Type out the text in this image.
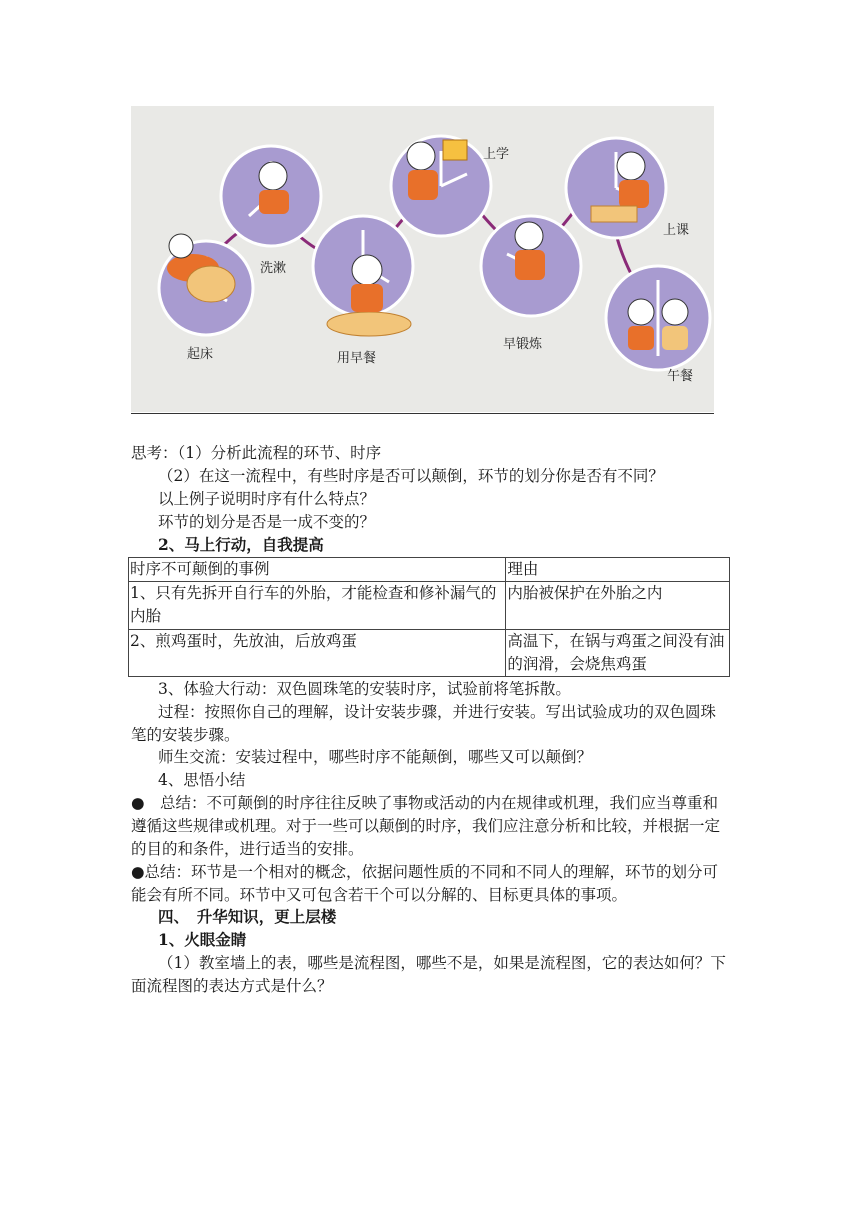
起床
洗漱
用早餐
上学
早锻炼
上课
午餐
思考：（1）分析此流程的环节、时序
（2）在这一流程中，有些时序是否可以颠倒，环节的划分你是否有不同？
以上例子说明时序有什么特点？
环节的划分是否是一成不变的？
2、马上行动，自我提高
时序不可颠倒的事例	理由
1、只有先拆开自行车的外胎，才能检查和修补漏气的内胎	内胎被保护在外胎之内
2、煎鸡蛋时，先放油，后放鸡蛋	高温下，在锅与鸡蛋之间没有油的润滑，会烧焦鸡蛋
3、体验大行动：双色圆珠笔的安装时序，试验前将笔拆散。
过程：按照你自己的理解，设计安装步骤，并进行安装。写出试验成功的双色圆珠笔的安装步骤。
师生交流：安装过程中，哪些时序不能颠倒，哪些又可以颠倒？
4、思悟小结
●　总结：不可颠倒的时序往往反映了事物或活动的内在规律或机理，我们应当尊重和遵循这些规律或机理。对于一些可以颠倒的时序，我们应注意分析和比较，并根据一定的目的和条件，进行适当的安排。
●总结：环节是一个相对的概念，依据问题性质的不同和不同人的理解，环节的划分可能会有所不同。环节中又可包含若干个可以分解的、目标更具体的事项。
四、　升华知识，更上层楼
1、火眼金睛
（1）教室墙上的表，哪些是流程图，哪些不是，如果是流程图，它的表达如何？下面流程图的表达方式是什么？
